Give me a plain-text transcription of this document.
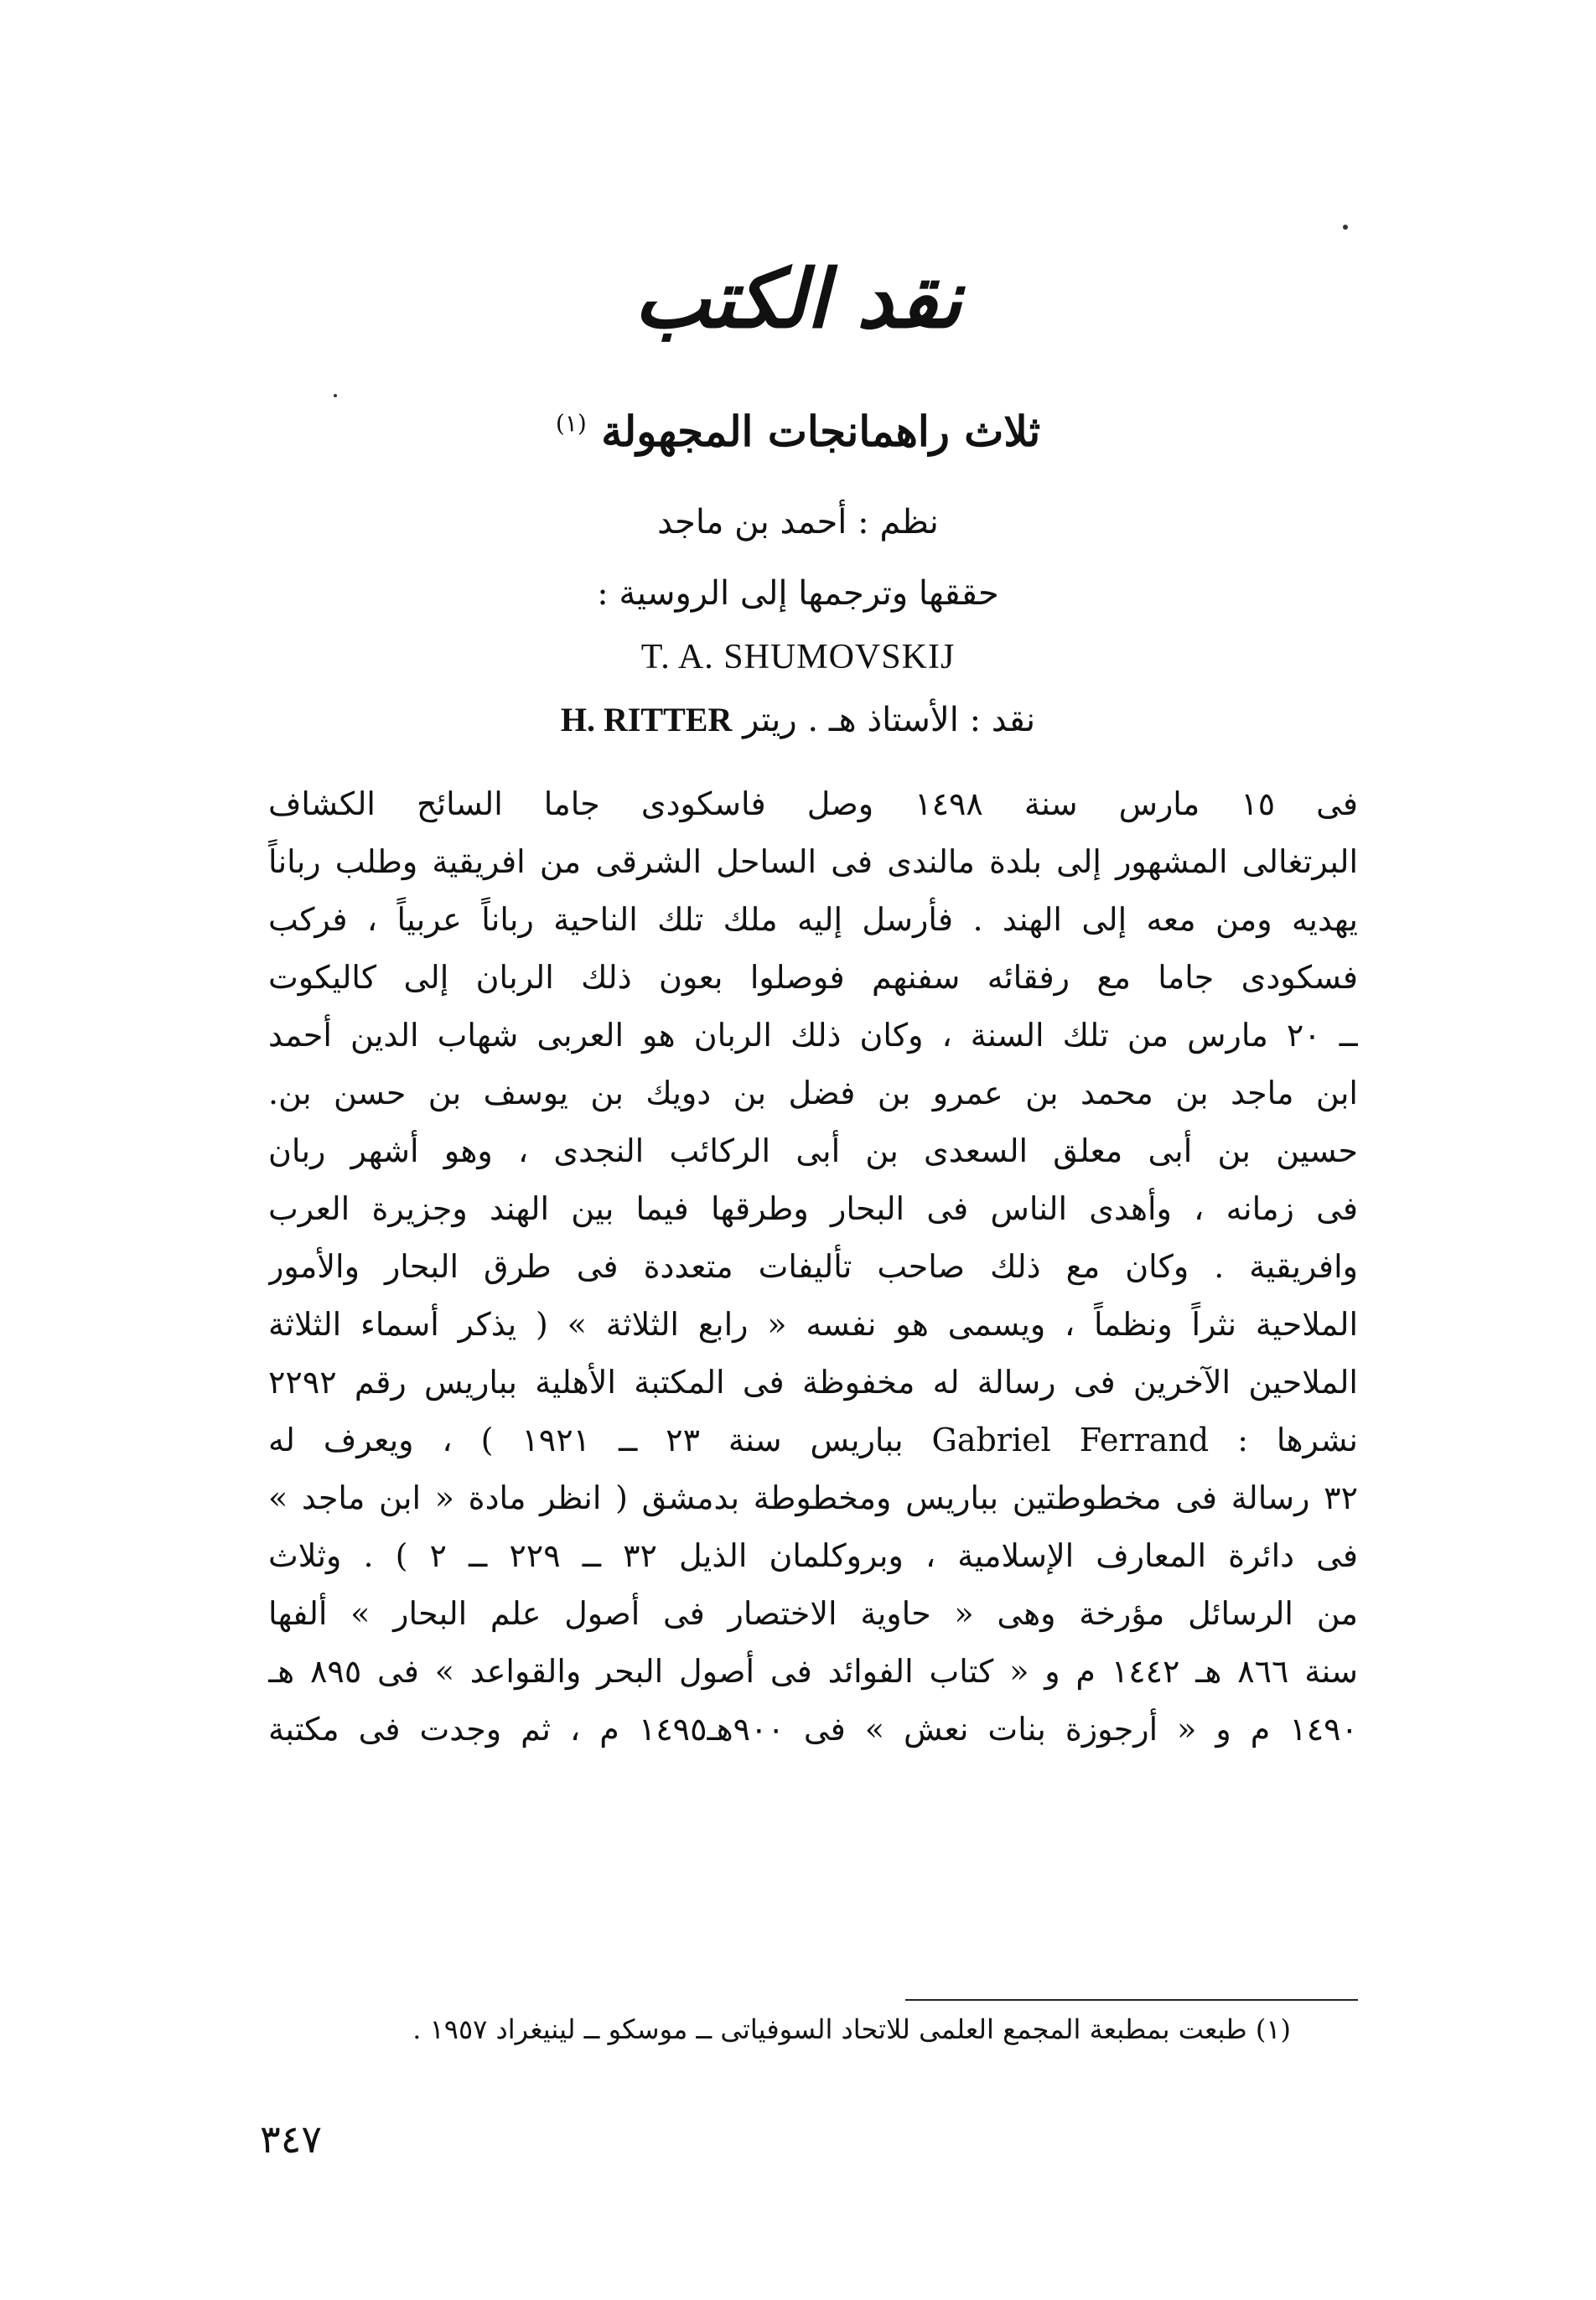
نقد الكتب
ثلاث راهمانجات المجهولة $^{(١)}$
نظم : أحمد بن ماجد
حققها وترجمها إلى الروسية :
T. A. SHUMOVSKIJ
نقد : الأستاذ هـ . ريتر H. RITTER
فى ١٥ مارس سنة ١٤٩٨ وصل فاسكودى جاما السائح الكشاف
البرتغالى المشهور إلى بلدة مالندى فى الساحل الشرقى من افريقية وطلب رباناً
يهديه ومن معه إلى الهند . فأرسل إليه ملك تلك الناحية رباناً عربياً ، فركب
فسكودى جاما مع رفقائه سفنهم فوصلوا بعون ذلك الربان إلى كاليكوت
ــ ٢٠ مارس من تلك السنة ، وكان ذلك الربان هو العربى شهاب الدين أحمد
ابن ماجد بن محمد بن عمرو بن فضل بن دويك بن يوسف بن حسن بن.
حسين بن أبى معلق السعدى بن أبى الركائب النجدى ، وهو أشهر ربان
فى زمانه ، وأهدى الناس فى البحار وطرقها فيما بين الهند وجزيرة العرب
وافريقية . وكان مع ذلك صاحب تأليفات متعددة فى طرق البحار والأمور
الملاحية نثراً ونظماً ، ويسمى هو نفسه « رابع الثلاثة » ( يذكر أسماء الثلاثة
الملاحين الآخرين فى رسالة له مخفوظة فى المكتبة الأهلية بباريس رقم ٢٢٩٢
نشرها : Gabriel Ferrand بباريس سنة ٢٣ ــ ١٩٢١ ) ، ويعرف له
٣٢ رسالة فى مخطوطتين بباريس ومخطوطة بدمشق ( انظر مادة « ابن ماجد »
فى دائرة المعارف الإسلامية ، وبروكلمان الذيل ٣٢ ــ ٢٢٩ ــ ٢ ) . وثلاث
من الرسائل مؤرخة وهى « حاوية الاختصار فى أصول علم البحار » ألفها
سنة ٨٦٦ هـ ١٤٤٢ م و « كتاب الفوائد فى أصول البحر والقواعد » فى ٨٩٥ هـ
١٤٩٠ م و « أرجوزة بنات نعش » فى ٩٠٠هـ١٤٩٥ م ، ثم وجدت فى مكتبة
(١) طبعت بمطبعة المجمع العلمى للاتحاد السوفياتى ــ موسكو ــ لينيغراد ١٩٥٧ .
٣٤٧
